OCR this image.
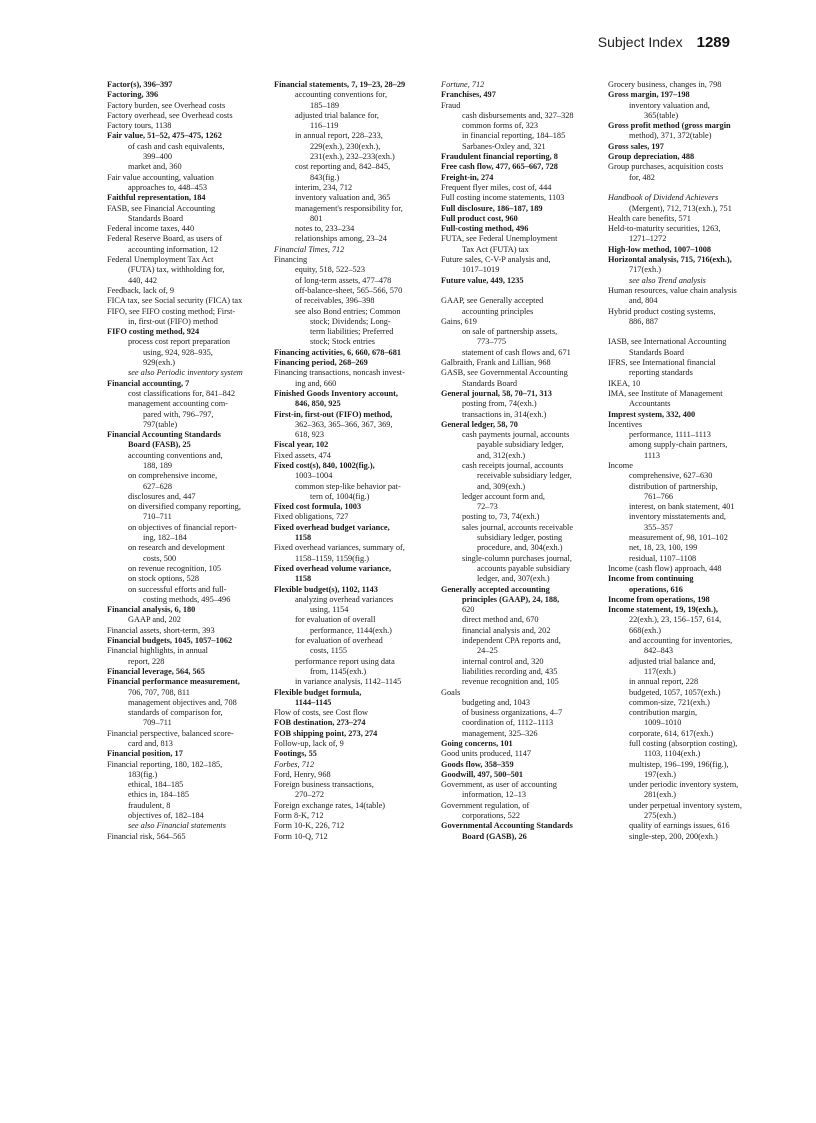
Subject Index 1289
Factor(s), 396–397
Factoring, 396
Factory burden, see Overhead costs
Factory overhead, see Overhead costs
Factory tours, 1138
Fair value, 51–52, 475–475, 1262
of cash and cash equivalents,
399–400
market and, 360
Fair value accounting, valuation
approaches to, 448–453
Faithful representation, 184
FASB, see Financial Accounting
Standards Board
Federal income taxes, 440
Federal Reserve Board, as users of
accounting information, 12
Federal Unemployment Tax Act
(FUTA) tax, withholding for,
440, 442
Feedback, lack of, 9
FICA tax, see Social security (FICA) tax
FIFO, see FIFO costing method; First-
in, first-out (FIFO) method
FIFO costing method, 924
process cost report preparation
using, 924, 928–935,
929(exh.)
see also Periodic inventory system
Financial accounting, 7
cost classifications for, 841–842
management accounting com-
pared with, 796–797,
797(table)
Financial Accounting Standards
Board (FASB), 25
accounting conventions and,
188, 189
on comprehensive income,
627–628
disclosures and, 447
on diversified company reporting,
710–711
on objectives of financial report-
ing, 182–184
on research and development
costs, 500
on revenue recognition, 105
on stock options, 528
on successful efforts and full-
costing methods, 495–496
Financial analysis, 6, 180
GAAP and, 202
Financial assets, short-term, 393
Financial budgets, 1045, 1057–1062
Financial highlights, in annual
report, 228
Financial leverage, 564, 565
Financial performance measurement,
706, 707, 708, 811
management objectives and, 708
standards of comparison for,
709–711
Financial perspective, balanced score-
card and, 813
Financial position, 17
Financial reporting, 180, 182–185,
183(fig.)
ethical, 184–185
ethics in, 184–185
fraudulent, 8
objectives of, 182–184
see also Financial statements
Financial risk, 564–565
Financial statements, 7, 19–23, 28–29
accounting conventions for,
185–189
adjusted trial balance for,
116–119
in annual report, 228–233,
229(exh.), 230(exh.),
231(exh.), 232–233(exh.)
cost reporting and, 842–845,
843(fig.)
interim, 234, 712
inventory valuation and, 365
management's responsibility for,
801
notes to, 233–234
relationships among, 23–24
Financial Times, 712
Financing
equity, 518, 522–523
of long-term assets, 477–478
off-balance-sheet, 565–566, 570
of receivables, 396–398
see also Bond entries; Common
stock; Dividends; Long-
term liabilities; Preferred
stock; Stock entries
Financing activities, 6, 660, 678–681
Financing period, 268–269
Financing transactions, noncash invest-
ing and, 660
Finished Goods Inventory account,
846, 850, 925
First-in, first-out (FIFO) method,
362–363, 365–366, 367, 369,
618, 923
Fiscal year, 102
Fixed assets, 474
Fixed cost(s), 840, 1002(fig.),
1003–1004
common step-like behavior pat-
tern of, 1004(fig.)
Fixed cost formula, 1003
Fixed obligations, 727
Fixed overhead budget variance,
1158
Fixed overhead variances, summary of,
1158–1159, 1159(fig.)
Fixed overhead volume variance,
1158
Flexible budget(s), 1102, 1143
analyzing overhead variances
using, 1154
for evaluation of overall
performance, 1144(exh.)
for evaluation of overhead
costs, 1155
performance report using data
from, 1145(exh.)
in variance analysis, 1142–1145
Flexible budget formula,
1144–1145
Flow of costs, see Cost flow
FOB destination, 273–274
FOB shipping point, 273, 274
Follow-up, lack of, 9
Footings, 55
Forbes, 712
Ford, Henry, 968
Foreign business transactions,
270–272
Foreign exchange rates, 14(table)
Form 8-K, 712
Form 10-K, 226, 712
Form 10-Q, 712
Fortune, 712
Franchises, 497
Fraud
cash disbursements and, 327–328
common forms of, 323
in financial reporting, 184–185
Sarbanes-Oxley and, 321
Fraudulent financial reporting, 8
Free cash flow, 477, 665–667, 728
Freight-in, 274
Frequent flyer miles, cost of, 444
Full costing income statements, 1103
Full disclosure, 186–187, 189
Full product cost, 960
Full-costing method, 496
FUTA, see Federal Unemployment
Tax Act (FUTA) tax
Future sales, C-V-P analysis and,
1017–1019
Future value, 449, 1235
GAAP, see Generally accepted
accounting principles
Gains, 619
on sale of partnership assets,
773–775
statement of cash flows and, 671
Galbraith, Frank and Lillian, 968
GASB, see Governmental Accounting
Standards Board
General journal, 58, 70–71, 313
posting from, 74(exh.)
transactions in, 314(exh.)
General ledger, 58, 70
cash payments journal, accounts
payable subsidiary ledger,
and, 312(exh.)
cash receipts journal, accounts
receivable subsidiary ledger,
and, 309(exh.)
ledger account form and,
72–73
posting to, 73, 74(exh.)
sales journal, accounts receivable
subsidiary ledger, posting
procedure, and, 304(exh.)
single-column purchases journal,
accounts payable subsidiary
ledger, and, 307(exh.)
Generally accepted accounting
principles (GAAP), 24, 188,
620
direct method and, 670
financial analysis and, 202
independent CPA reports and,
24–25
internal control and, 320
liabilities recording and, 435
revenue recognition and, 105
Goals
budgeting and, 1043
of business organizations, 4–7
coordination of, 1112–1113
management, 325–326
Going concerns, 101
Good units produced, 1147
Goods flow, 358–359
Goodwill, 497, 500–501
Government, as user of accounting
information, 12–13
Government regulation, of
corporations, 522
Governmental Accounting Standards
Board (GASB), 26
Grocery business, changes in, 798
Gross margin, 197–198
inventory valuation and,
365(table)
Gross profit method (gross margin
method), 371, 372(table)
Gross sales, 197
Group depreciation, 488
Group purchases, acquisition costs
for, 482
Handbook of Dividend Achievers
(Mergent), 712, 713(exh.), 751
Health care benefits, 571
Held-to-maturity securities, 1263,
1271–1272
High-low method, 1007–1008
Horizontal analysis, 715, 716(exh.),
717(exh.)
see also Trend analysis
Human resources, value chain analysis
and, 804
Hybrid product costing systems,
886, 887
IASB, see International Accounting
Standards Board
IFRS, see International financial
reporting standards
IKEA, 10
IMA, see Institute of Management
Accountants
Imprest system, 332, 400
Incentives
performance, 1111–1113
among supply-chain partners,
1113
Income
comprehensive, 627–630
distribution of partnership,
761–766
interest, on bank statement, 401
inventory misstatements and,
355–357
measurement of, 98, 101–102
net, 18, 23, 100, 199
residual, 1107–1108
Income (cash flow) approach, 448
Income from continuing
operations, 616
Income from operations, 198
Income statement, 19, 19(exh.),
22(exh.), 23, 156–157, 614,
668(exh.)
and accounting for inventories,
842–843
adjusted trial balance and,
117(exh.)
in annual report, 228
budgeted, 1057, 1057(exh.)
common-size, 721(exh.)
contribution margin,
1009–1010
corporate, 614, 617(exh.)
full costing (absorption costing),
1103, 1104(exh.)
multistep, 196–199, 196(fig.),
197(exh.)
under periodic inventory system,
281(exh.)
under perpetual inventory system,
275(exh.)
quality of earnings issues, 616
single-step, 200, 200(exh.)
